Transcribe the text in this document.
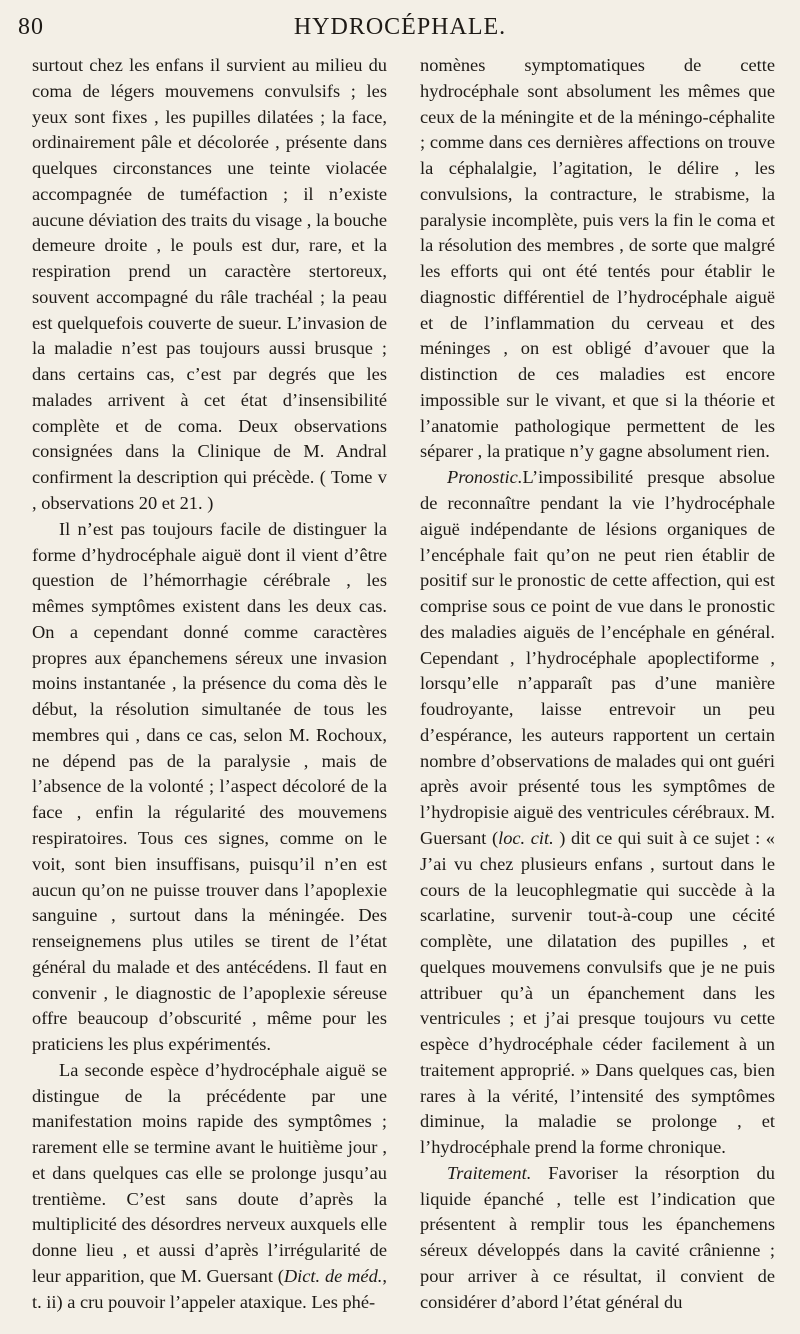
80	HYDROCÉPHALE.

surtout chez les enfans il survient au milieu du coma de légers mouvemens convulsifs ; les yeux sont fixes , les pupilles dilatées ; la face, ordinairement pâle et décolorée , présente dans quelques circonstances une teinte violacée accompagnée de tuméfaction ; il n’existe aucune déviation des traits du visage , la bouche demeure droite , le pouls est dur, rare, et la respiration prend un caractère stertoreux, souvent accompagné du râle trachéal ; la peau est quelquefois couverte de sueur. L’invasion de la maladie n’est pas toujours aussi brusque ; dans certains cas, c’est par degrés que les malades arrivent à cet état d’insensibilité complète et de coma. Deux observations consignées dans la Clinique de M. Andral confirment la description qui précède. ( Tome v , observations 20 et 21. )

Il n’est pas toujours facile de distinguer la forme d’hydrocéphale aiguë dont il vient d’être question de l’hémorrhagie cérébrale , les mêmes symptômes existent dans les deux cas. On a cependant donné comme caractères propres aux épanchemens séreux une invasion moins instantanée , la présence du coma dès le début, la résolution simultanée de tous les membres qui , dans ce cas, selon M. Rochoux, ne dépend pas de la paralysie , mais de l’absence de la volonté ; l’aspect décoloré de la face , enfin la régularité des mouvemens respiratoires. Tous ces signes, comme on le voit, sont bien insuffisans, puisqu’il n’en est aucun qu’on ne puisse trouver dans l’apoplexie sanguine , surtout dans la méningée. Des renseignemens plus utiles se tirent de l’état général du malade et des antécédens. Il faut en convenir , le diagnostic de l’apoplexie séreuse offre beaucoup d’obscurité , même pour les praticiens les plus expérimentés.

La seconde espèce d’hydrocéphale aiguë se distingue de la précédente par une manifestation moins rapide des symptômes ; rarement elle se termine avant le huitième jour , et dans quelques cas elle se prolonge jusqu’au trentième. C’est sans doute d’après la multiplicité des désordres nerveux auxquels elle donne lieu , et aussi d’après l’irrégularité de leur apparition, que M. Guersant (Dict. de méd., t. ii) a cru pouvoir l’appeler ataxique. Les phé-

nomènes symptomatiques de cette hydrocéphale sont absolument les mêmes que ceux de la méningite et de la méningo-céphalite ; comme dans ces dernières affections on trouve la céphalalgie, l’agitation, le délire , les convulsions, la contracture, le strabisme, la paralysie incomplète, puis vers la fin le coma et la résolution des membres , de sorte que malgré les efforts qui ont été tentés pour établir le diagnostic différentiel de l’hydrocéphale aiguë et de l’inflammation du cerveau et des méninges , on est obligé d’avouer que la distinction de ces maladies est encore impossible sur le vivant, et que si la théorie et l’anatomie pathologique permettent de les séparer , la pratique n’y gagne absolument rien.

Pronostic.L’impossibilité presque absolue de reconnaître pendant la vie l’hydrocéphale aiguë indépendante de lésions organiques de l’encéphale fait qu’on ne peut rien établir de positif sur le pronostic de cette affection, qui est comprise sous ce point de vue dans le pronostic des maladies aiguës de l’encéphale en général. Cependant , l’hydrocéphale apoplectiforme , lorsqu’elle n’apparaît pas d’une manière foudroyante, laisse entrevoir un peu d’espérance, les auteurs rapportent un certain nombre d’observations de malades qui ont guéri après avoir présenté tous les symptômes de l’hydropisie aiguë des ventricules cérébraux. M. Guersant (loc. cit. ) dit ce qui suit à ce sujet : « J’ai vu chez plusieurs enfans , surtout dans le cours de la leucophlegmatie qui succède à la scarlatine, survenir tout-à-coup une cécité complète, une dilatation des pupilles , et quelques mouvemens convulsifs que je ne puis attribuer qu’à un épanchement dans les ventricules ; et j’ai presque toujours vu cette espèce d’hydrocéphale céder facilement à un traitement approprié. » Dans quelques cas, bien rares à la vérité, l’intensité des symptômes diminue, la maladie se prolonge , et l’hydrocéphale prend la forme chronique.

Traitement. Favoriser la résorption du liquide épanché , telle est l’indication que présentent à remplir tous les épanchemens séreux développés dans la cavité crânienne ; pour arriver à ce résultat, il convient de considérer d’abord l’état général du
